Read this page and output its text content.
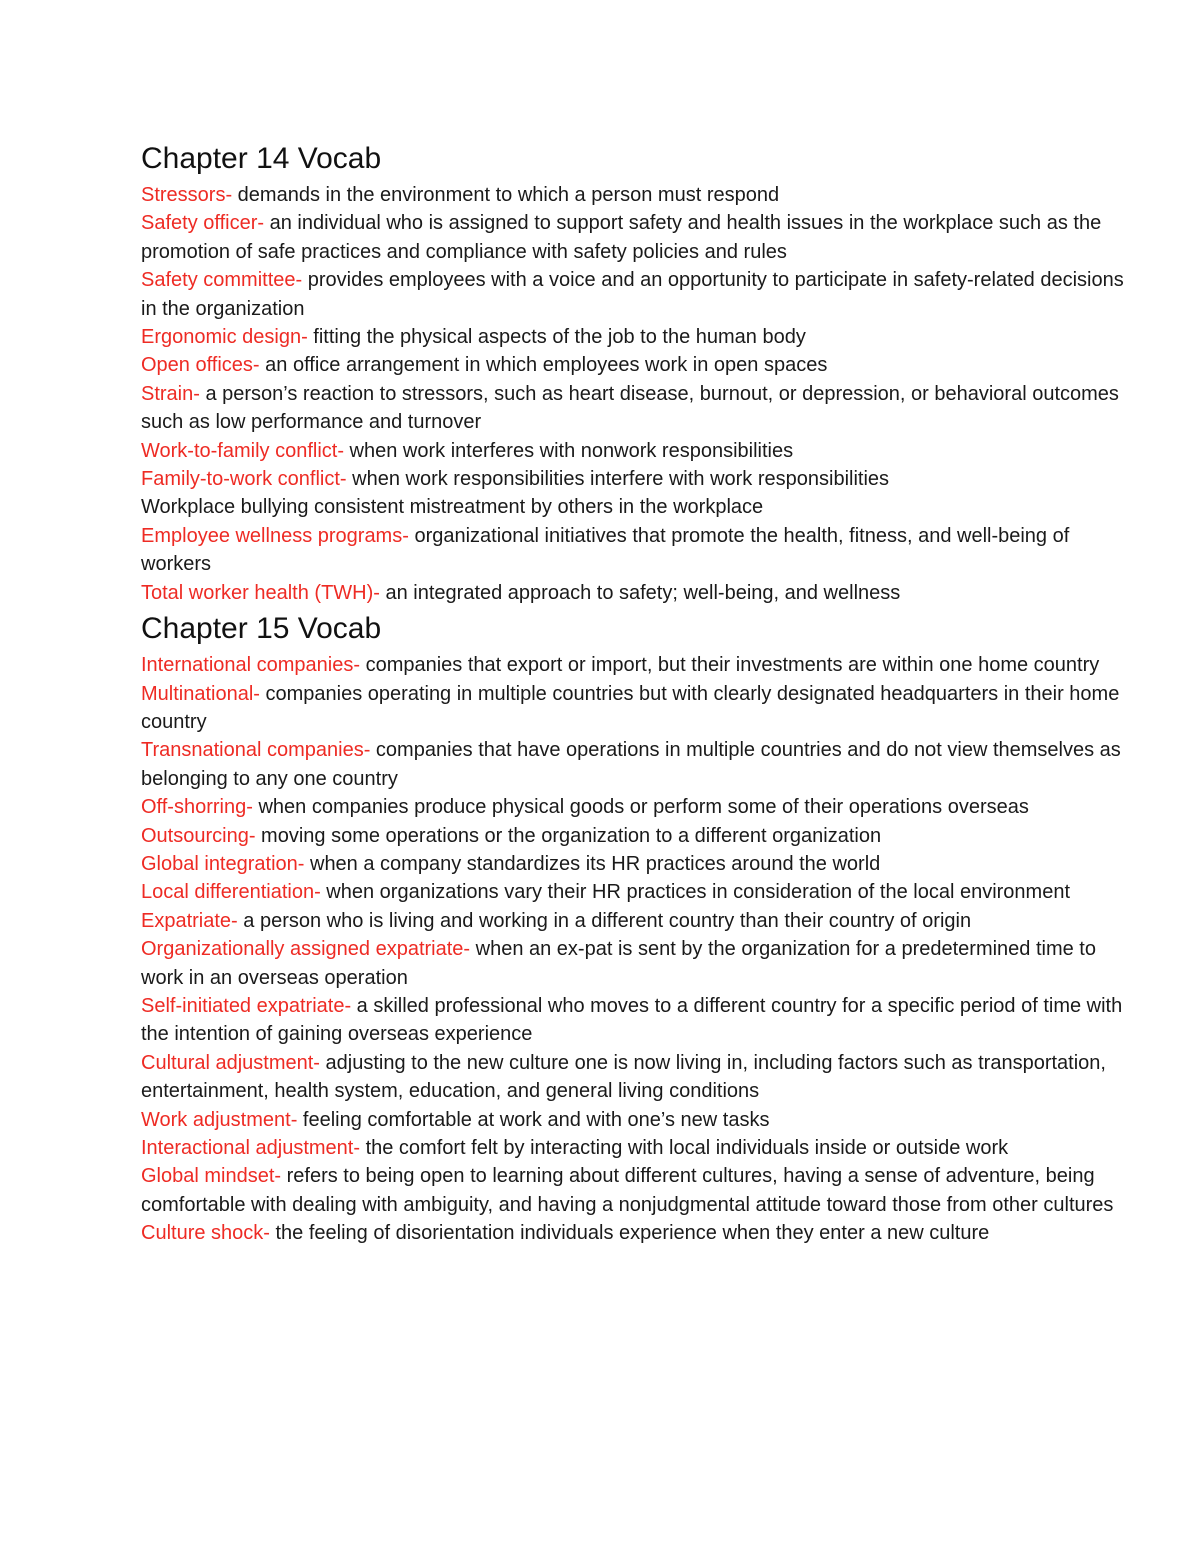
Chapter 14 Vocab

Stressors- demands in the environment to which a person must respond

Safety officer- an individual who is assigned to support safety and health issues in the workplace such as the promotion of safe practices and compliance with safety policies and rules

Safety committee- provides employees with a voice and an opportunity to participate in safety-related decisions in the organization

Ergonomic design- fitting the physical aspects of the job to the human body

Open offices- an office arrangement in which employees work in open spaces

Strain- a person’s reaction to stressors, such as heart disease, burnout, or depression, or behavioral outcomes such as low performance and turnover

Work-to-family conflict- when work interferes with nonwork responsibilities

Family-to-work conflict- when work responsibilities interfere with work responsibilities

Workplace bullying consistent mistreatment by others in the workplace

Employee wellness programs- organizational initiatives that promote the health, fitness, and well-being of workers

Total worker health (TWH)- an integrated approach to safety; well-being, and wellness

Chapter 15 Vocab

International companies- companies that export or import, but their investments are within one home country

Multinational- companies operating in multiple countries but with clearly designated headquarters in their home country

Transnational companies- companies that have operations in multiple countries and do not view themselves as belonging to any one country

Off-shorring- when companies produce physical goods or perform some of their operations overseas

Outsourcing- moving some operations or the organization to a different organization

Global integration- when a company standardizes its HR practices around the world

Local differentiation- when organizations vary their HR practices in consideration of the local environment

Expatriate- a person who is living and working in a different country than their country of origin

Organizationally assigned expatriate- when an ex-pat is sent by the organization for a predetermined time to work in an overseas operation

Self-initiated expatriate- a skilled professional who moves to a different country for a specific period of time with the intention of gaining overseas experience

Cultural adjustment- adjusting to the new culture one is now living in, including factors such as transportation, entertainment, health system, education, and general living conditions

Work adjustment- feeling comfortable at work and with one’s new tasks

Interactional adjustment- the comfort felt by interacting with local individuals inside or outside work

Global mindset- refers to being open to learning about different cultures, having a sense of adventure, being comfortable with dealing with ambiguity, and having a nonjudgmental attitude toward those from other cultures

Culture shock- the feeling of disorientation individuals experience when they enter a new culture
